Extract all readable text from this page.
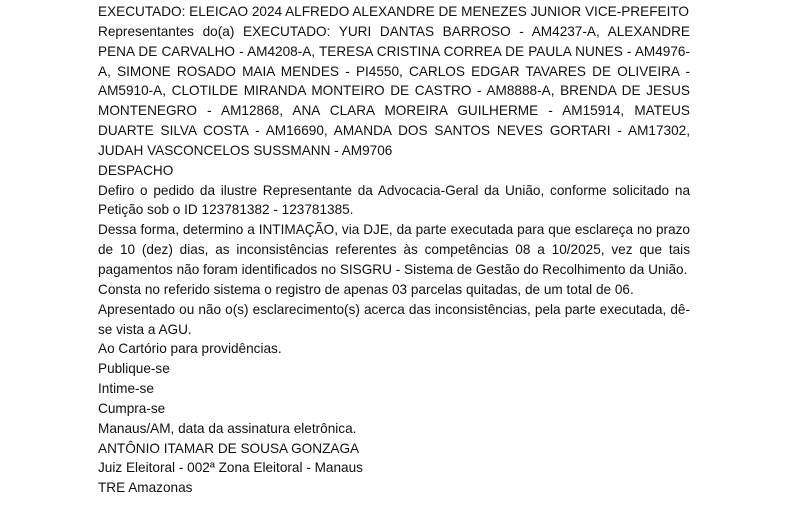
EXECUTADO: ELEICAO 2024 ALFREDO ALEXANDRE DE MENEZES JUNIOR VICE-PREFEITO

Representantes do(a) EXECUTADO: YURI DANTAS BARROSO - AM4237-A, ALEXANDRE PENA DE CARVALHO - AM4208-A, TERESA CRISTINA CORREA DE PAULA NUNES - AM4976-A, SIMONE ROSADO MAIA MENDES - PI4550, CARLOS EDGAR TAVARES DE OLIVEIRA - AM5910-A, CLOTILDE MIRANDA MONTEIRO DE CASTRO - AM8888-A, BRENDA DE JESUS MONTENEGRO - AM12868, ANA CLARA MOREIRA GUILHERME - AM15914, MATEUS DUARTE SILVA COSTA - AM16690, AMANDA DOS SANTOS NEVES GORTARI - AM17302, JUDAH VASCONCELOS SUSSMANN - AM9706

DESPACHO

Defiro o pedido da ilustre Representante da Advocacia-Geral da União, conforme solicitado na Petição sob o ID 123781382 - 123781385.

Dessa forma, determino a INTIMAÇÃO, via DJE, da parte executada para que esclareça no prazo de 10 (dez) dias, as inconsistências referentes às competências 08 a 10/2025, vez que tais pagamentos não foram identificados no SISGRU - Sistema de Gestão do Recolhimento da União.

Consta no referido sistema o registro de apenas 03 parcelas quitadas, de um total de 06.

Apresentado ou não o(s) esclarecimento(s) acerca das inconsistências, pela parte executada, dê-se vista a AGU.

Ao Cartório para providências.

Publique-se

Intime-se

Cumpra-se

Manaus/AM, data da assinatura eletrônica.

ANTÔNIO ITAMAR DE SOUSA GONZAGA

Juiz Eleitoral - 002ª Zona Eleitoral - Manaus

TRE Amazonas
